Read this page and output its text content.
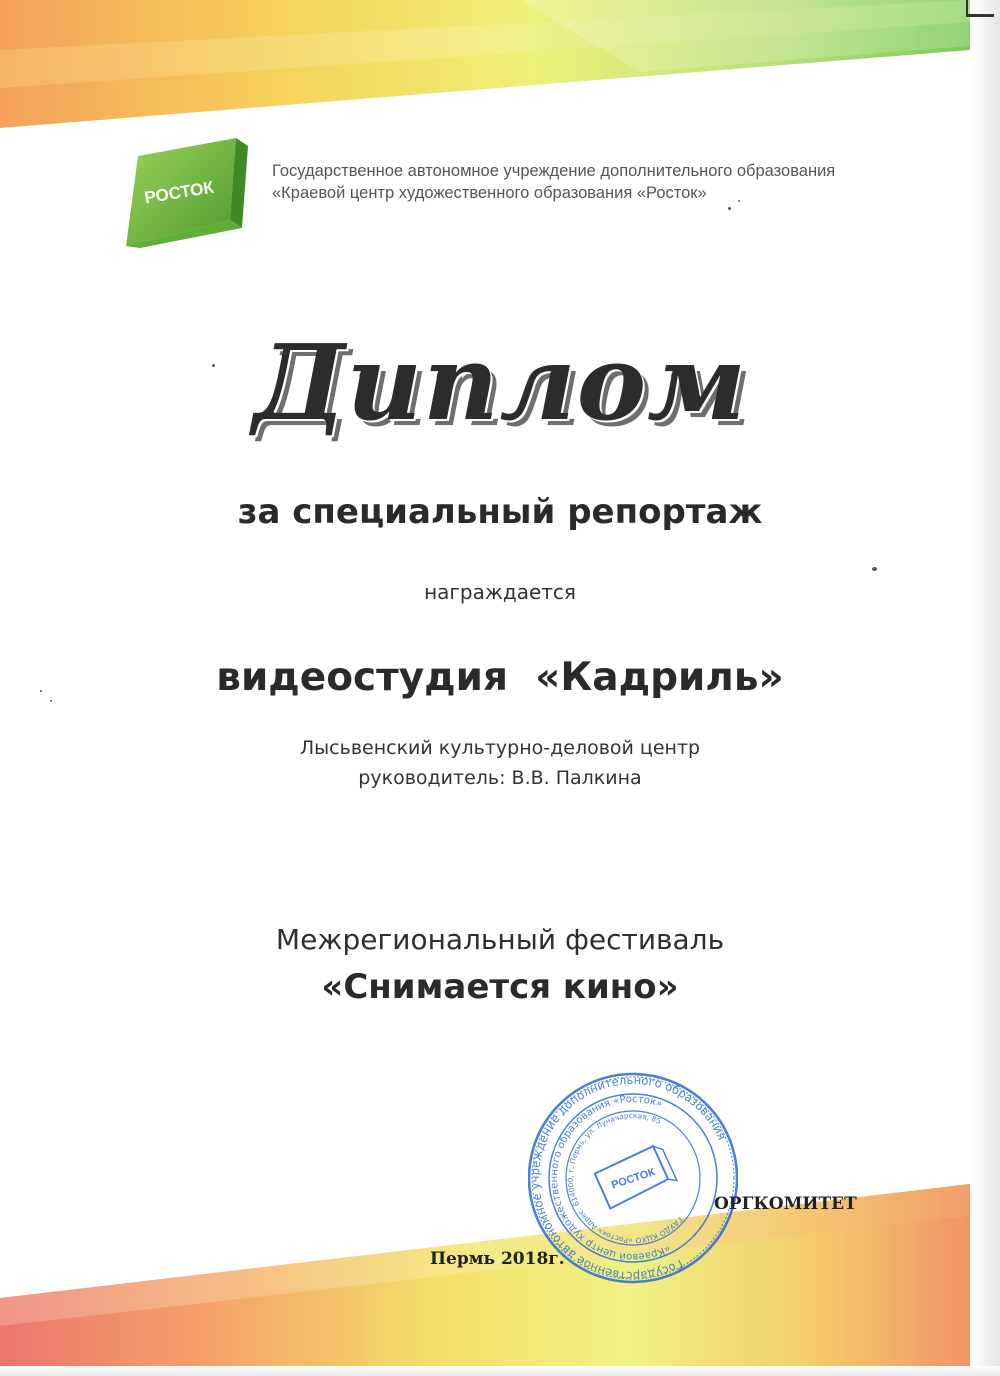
РОСТОК
Государственное автономное учреждение дополнительного образования
«Краевой центр художественного образования «Росток»
Диплом
за специальный репортаж
награждается
видеостудия  «Кадриль»
Лысьвенский культурно-деловой центр
руководитель: В.В. Палкина
Межрегиональный фестиваль
«Снимается кино»
Государственное автономное учреждение дополнительного образования
«Краевой центр художественного образования «Росток»
ГАУДО КЦХО «Росток» Адрес: 614000, г. Пермь, ул. Луначарская, 85
РОСТОК
ОРГКОМИТЕТ
Пермь 2018г.
